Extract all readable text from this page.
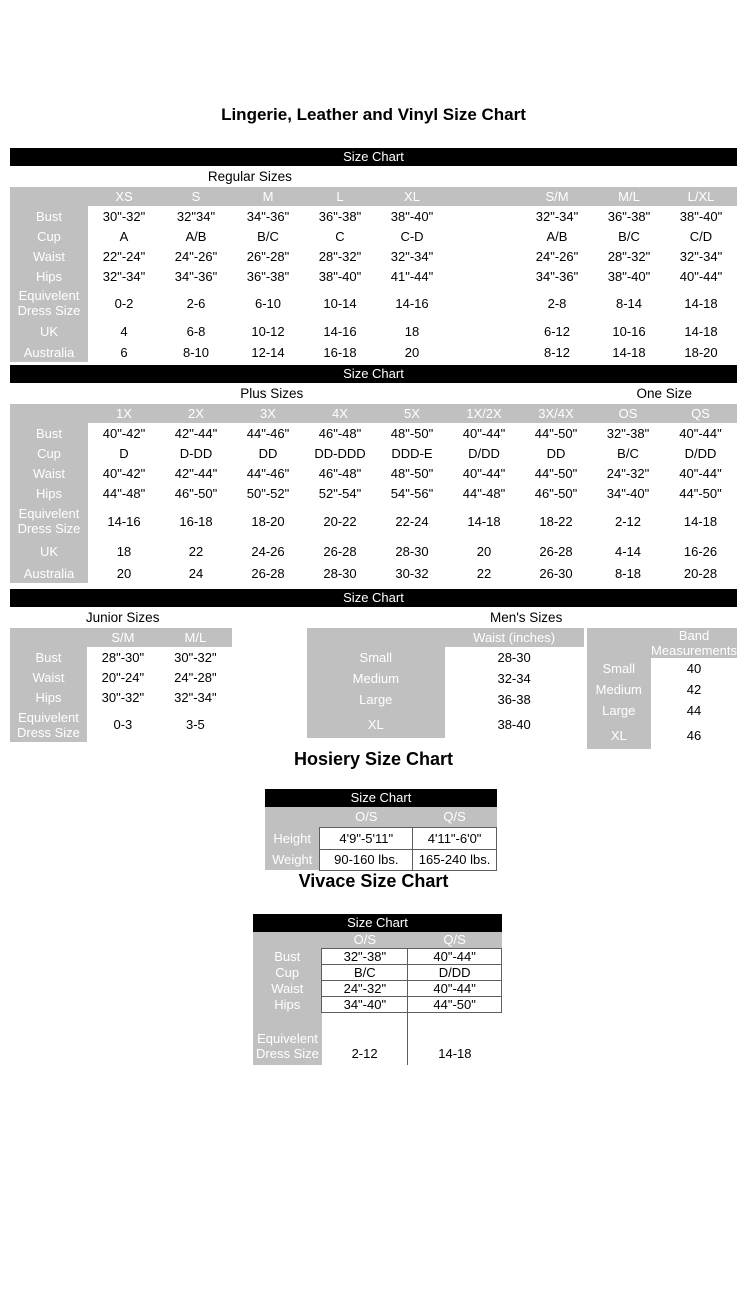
Lingerie, Leather and Vinyl Size Chart
Size Chart
Regular Sizes
	XS	S	M	L	XL		S/M	M/L	L/XL
Bust	30"-32"	32"34"	34"-36"	36"-38"	38"-40"		32"-34"	36"-38"	38"-40"
Cup	A	A/B	B/C	C	C-D		A/B	B/C	C/D
Waist	22"-24"	24"-26"	26"-28"	28"-32"	32"-34"		24"-26"	28"-32"	32"-34"
Hips	32"-34"	34"-36"	36"-38"	38"-40"	41"-44"		34"-36"	38"-40"	40"-44"
Equivelent Dress Size	0-2	2-6	6-10	10-14	14-16		2-8	8-14	14-18
UK	4	6-8	10-12	14-16	18		6-12	10-16	14-18
Australia	6	8-10	12-14	16-18	20		8-12	14-18	18-20
Size Chart
Plus Sizes	One Size
	1X	2X	3X	4X	5X	1X/2X	3X/4X	OS	QS
Bust	40"-42"	42"-44"	44"-46"	46"-48"	48"-50"	40"-44"	44"-50"	32"-38"	40"-44"
Cup	D	D-DD	DD	DD-DDD	DDD-E	D/DD	DD	B/C	D/DD
Waist	40"-42"	42"-44"	44"-46"	46"-48"	48"-50"	40"-44"	44"-50"	24"-32"	40"-44"
Hips	44"-48"	46"-50"	50"-52"	52"-54"	54"-56"	44"-48"	46"-50"	34"-40"	44"-50"
Equivelent Dress Size	14-16	16-18	18-20	20-22	22-24	14-18	18-22	2-12	14-18
UK	18	22	24-26	26-28	28-30	20	26-28	4-14	16-26
Australia	20	24	26-28	28-30	30-32	22	26-30	8-18	20-28
Size Chart
Junior Sizes	Men's Sizes
	S/M	M/L
Bust	28"-30"	30"-32"
Waist	20"-24"	24"-28"
Hips	30"-32"	32"-34"
Equivelent Dress Size	0-3	3-5
	Waist (inches)
Small	28-30
Medium	32-34
Large	36-38
XL	38-40
	Band Measurements
Small	40
Medium	42
Large	44
XL	46
Hosiery Size Chart
Size Chart
	O/S	Q/S
Height	4'9"-5'11"	4'11"-6'0"
Weight	90-160 lbs.	165-240 lbs.
Vivace Size Chart
Size Chart
	O/S	Q/S
Bust	32"-38"	40"-44"
Cup	B/C	D/DD
Waist	24"-32"	40"-44"
Hips	34"-40"	44"-50"
Equivelent Dress Size	2-12	14-18
